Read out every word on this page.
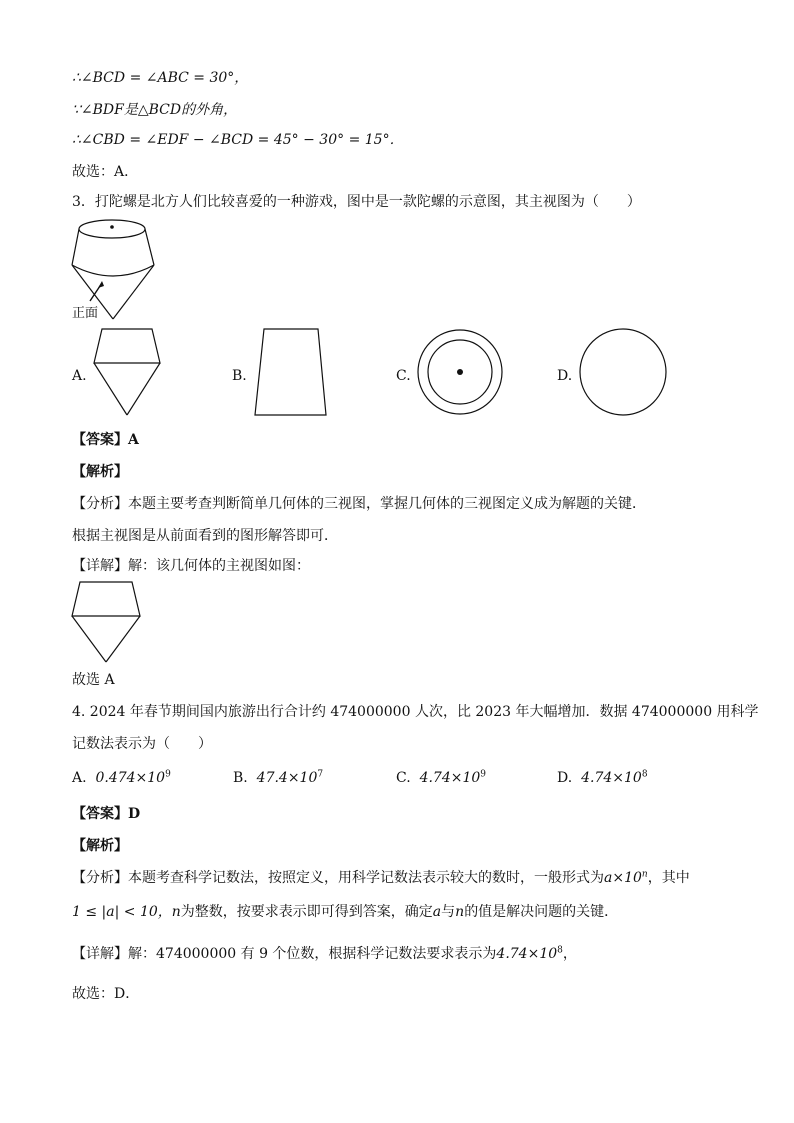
∴∠BCD = ∠ABC = 30°，
∵∠BDF是△BCD的外角，
∴∠CBD = ∠EDF − ∠BCD = 45° − 30° = 15°．
故选：A．
3．打陀螺是北方人们比较喜爱的一种游戏，图中是一款陀螺的示意图，其主视图为（　　）
正面
A.	B.	C.	D.
【答案】A
【解析】
【分析】本题主要考查判断简单几何体的三视图，掌握几何体的三视图定义成为解题的关键．
根据主视图是从前面看到的图形解答即可．
【详解】解：该几何体的主视图如图：
故选 A
4. 2024 年春节期间国内旅游出行合计约 474000000 人次，比 2023 年大幅增加．数据 474000000 用科学
记数法表示为（　　）
A. $0.474\times 10^9$	B. $47.4\times 10^7$	C. $4.74\times 10^9$	D. $4.74\times 10^8$
【答案】D
【解析】
【分析】本题考查科学记数法，按照定义，用科学记数法表示较大的数时，一般形式为$a\times 10^n$，其中
1 ≤ |a| < 10，n为整数，按要求表示即可得到答案，确定a与n的值是解决问题的关键．
【详解】解：474000000 有 9 个位数，根据科学记数法要求表示为$4.74\times 10^8$，
故选：D．
